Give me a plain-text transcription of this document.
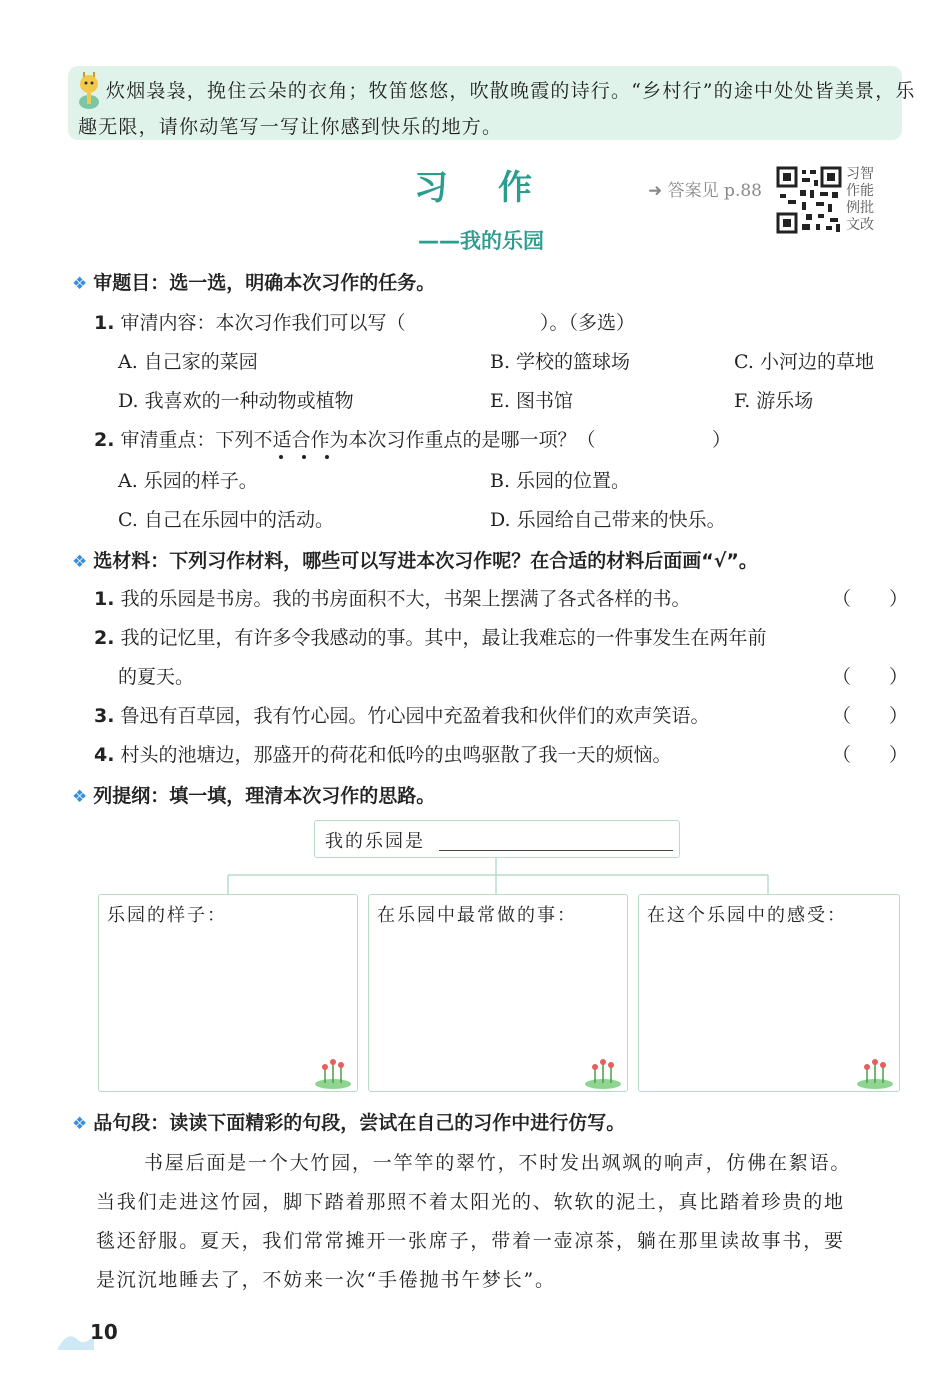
炊烟袅袅，挽住云朵的衣角；牧笛悠悠，吹散晚霞的诗行。“乡村行”的途中处处皆美景，乐
趣无限，请你动笔写一写让你感到快乐的地方。
习作
——我的乐园
➜ 答案见 p.88
习智作能例批文改
❖ 审题目：选一选，明确本次习作的任务。
1. 审清内容：本次习作我们可以写（	）。（多选）
A. 自己家的菜园	B. 学校的篮球场	C. 小河边的草地
D. 我喜欢的一种动物或植物	E. 图书馆	F. 游乐场
2. 审清重点：下列不适合作为本次习作重点的是哪一项？（	）
A. 乐园的样子。	B. 乐园的位置。
C. 自己在乐园中的活动。	D. 乐园给自己带来的快乐。
❖ 选材料：下列习作材料，哪些可以写进本次习作呢？在合适的材料后面画“√”。
1. 我的乐园是书房。我的书房面积不大，书架上摆满了各式各样的书。	（ ）
2. 我的记忆里，有许多令我感动的事。其中，最让我难忘的一件事发生在两年前
的夏天。	（ ）
3. 鲁迅有百草园，我有竹心园。竹心园中充盈着我和伙伴们的欢声笑语。	（ ）
4. 村头的池塘边，那盛开的荷花和低吟的虫鸣驱散了我一天的烦恼。	（ ）
❖ 列提纲：填一填，理清本次习作的思路。
我的乐园是
乐园的样子：	在乐园中最常做的事：	在这个乐园中的感受：
❖ 品句段：读读下面精彩的句段，尝试在自己的习作中进行仿写。
书屋后面是一个大竹园，一竿竿的翠竹，不时发出飒飒的响声，仿佛在絮语。
当我们走进这竹园，脚下踏着那照不着太阳光的、软软的泥土，真比踏着珍贵的地
毯还舒服。夏天，我们常常摊开一张席子，带着一壶凉茶，躺在那里读故事书，要
是沉沉地睡去了，不妨来一次“手倦抛书午梦长”。
10
